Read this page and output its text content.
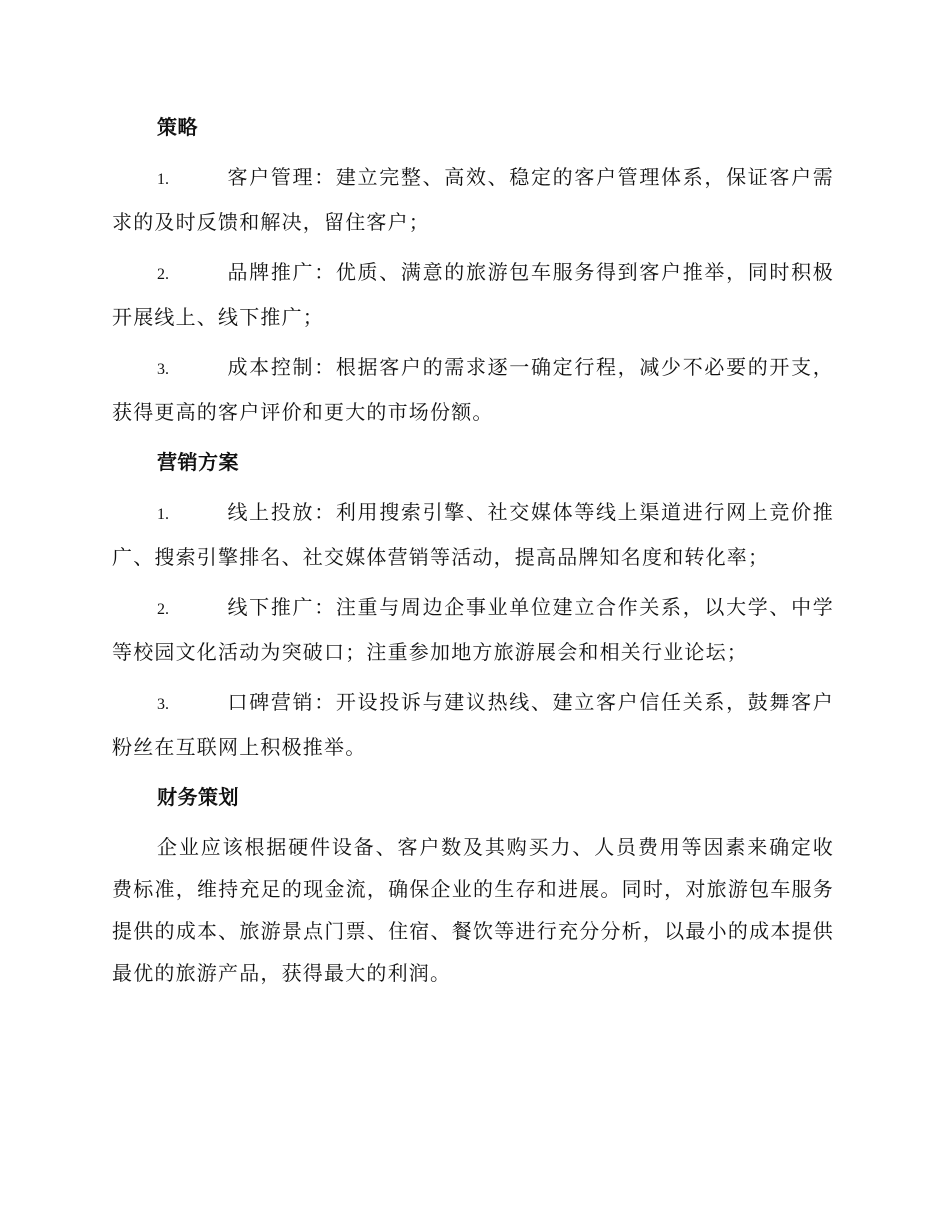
策略
1.	客户管理：建立完整、高效、稳定的客户管理体系，保证客户需求的及时反馈和解决，留住客户；
2.	品牌推广：优质、满意的旅游包车服务得到客户推举，同时积极开展线上、线下推广；
3.	成本控制：根据客户的需求逐一确定行程，减少不必要的开支，获得更高的客户评价和更大的市场份额。
营销方案
1.	线上投放：利用搜索引擎、社交媒体等线上渠道进行网上竞价推广、搜索引擎排名、社交媒体营销等活动，提高品牌知名度和转化率；
2.	线下推广：注重与周边企事业单位建立合作关系，以大学、中学等校园文化活动为突破口；注重参加地方旅游展会和相关行业论坛；
3.	口碑营销：开设投诉与建议热线、建立客户信任关系，鼓舞客户粉丝在互联网上积极推举。
财务策划

企业应该根据硬件设备、客户数及其购买力、人员费用等因素来确定收费标准，维持充足的现金流，确保企业的生存和进展。同时，对旅游包车服务提供的成本、旅游景点门票、住宿、餐饮等进行充分分析，以最小的成本提供最优的旅游产品，获得最大的利润。
